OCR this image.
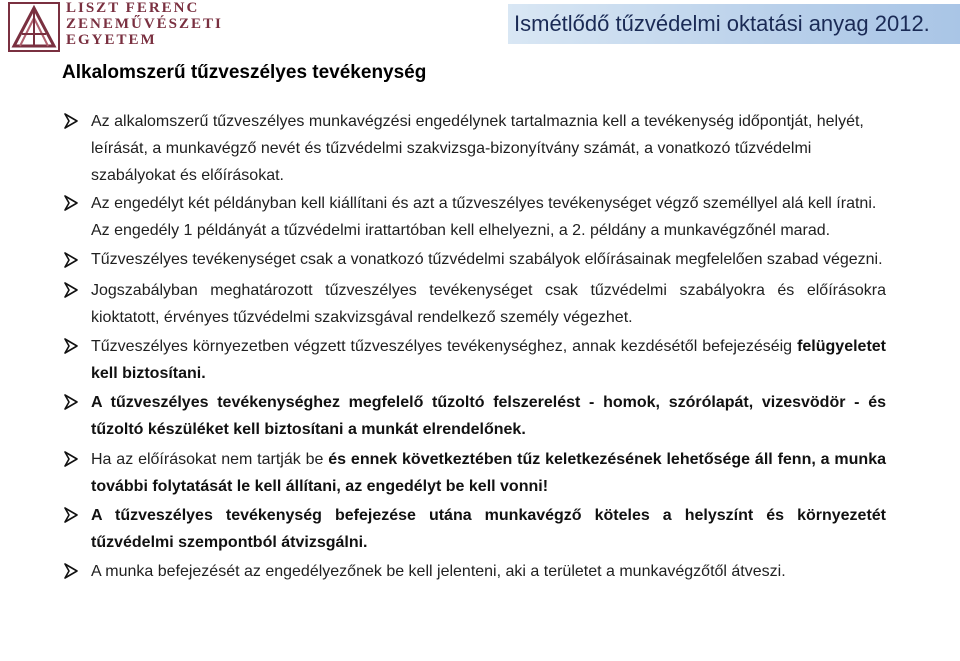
LISZT FERENC
ZENEMŰVÉSZETI
EGYETEM
Ismétlődő tűzvédelmi oktatási anyag 2012.
Alkalomszerű tűzveszélyes tevékenység
Az alkalomszerű tűzveszélyes munkavégzési engedélynek tartalmaznia kell a tevékenység időpontját, helyét, leírását, a munkavégző nevét és tűzvédelmi szakvizsga-bizonyítvány számát, a vonatkozó tűzvédelmi szabályokat és előírásokat.
Az engedélyt két példányban kell kiállítani és azt a tűzveszélyes tevékenységet végző személlyel alá kell íratni. Az engedély 1 példányát a tűzvédelmi irattartóban kell elhelyezni, a 2. példány a munkavégzőnél marad.
Tűzveszélyes tevékenységet csak a vonatkozó tűzvédelmi szabályok előírásainak megfelelően szabad végezni.
Jogszabályban meghatározott tűzveszélyes tevékenységet csak tűzvédelmi szabályokra és előírásokra kioktatott, érvényes tűzvédelmi szakvizsgával rendelkező személy végezhet.
Tűzveszélyes környezetben végzett tűzveszélyes tevékenységhez, annak kezdésétől befejezéséig felügyeletet kell biztosítani.
A tűzveszélyes tevékenységhez megfelelő tűzoltó felszerelést - homok, szórólapát, vizesvödör - és tűzoltó készüléket kell biztosítani a munkát elrendelőnek.
Ha az előírásokat nem tartják be és ennek következtében tűz keletkezésének lehetősége áll fenn, a munka további folytatását le kell állítani, az engedélyt be kell vonni!
A tűzveszélyes tevékenység befejezése utána munkavégző köteles a helyszínt és környezetét tűzvédelmi szempontból átvizsgálni.
A munka befejezését az engedélyezőnek be kell jelenteni, aki a területet a munkavégzőtől átveszi.
